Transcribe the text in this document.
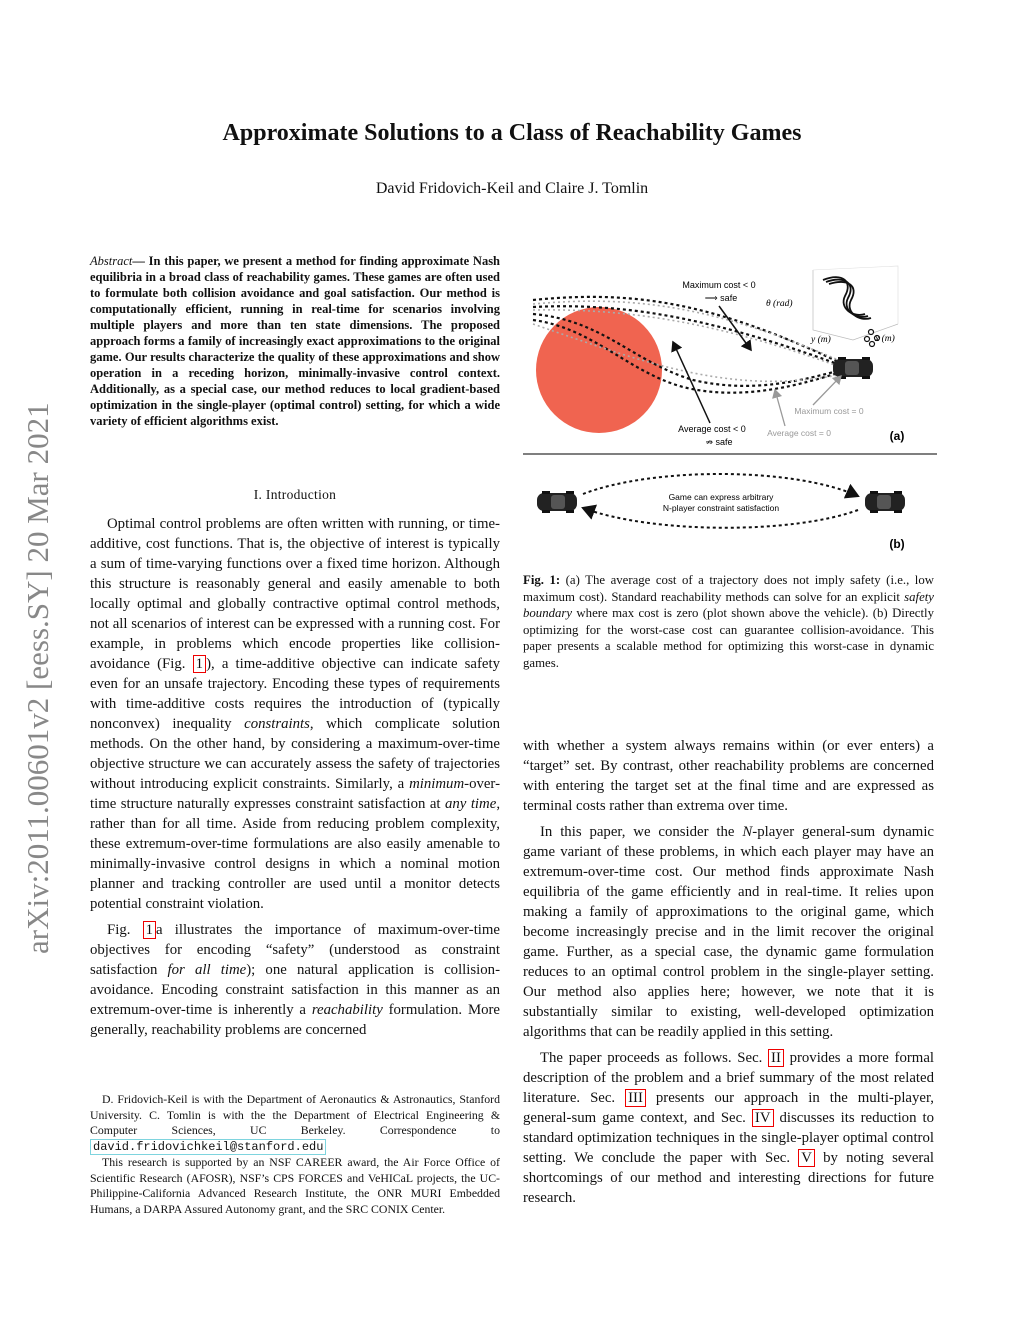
arXiv:2011.00601v2 [eess.SY] 20 Mar 2021
Approximate Solutions to a Class of Reachability Games
David Fridovich-Keil and Claire J. Tomlin
Abstract— In this paper, we present a method for finding approximate Nash equilibria in a broad class of reachability games. These games are often used to formulate both collision avoidance and goal satisfaction. Our method is computationally efficient, running in real-time for scenarios involving multiple players and more than ten state dimensions. The proposed approach forms a family of increasingly exact approximations to the original game. Our results characterize the quality of these approximations and show operation in a receding horizon, minimally-invasive control context. Additionally, as a special case, our method reduces to local gradient-based optimization in the single-player (optimal control) setting, for which a wide variety of efficient algorithms exist.
I. Introduction

Optimal control problems are often written with running, or time-additive, cost functions. That is, the objective of interest is typically a sum of time-varying functions over a fixed time horizon. Although this structure is reasonably general and easily amenable to both locally optimal and globally contractive optimal control methods, not all scenarios of interest can be expressed with a running cost. For example, in problems which encode properties like collision-avoidance (Fig. 1 ), a time-additive objective can indicate safety even for an unsafe trajectory. Encoding these types of requirements with time-additive costs requires the introduction of (typically nonconvex) inequality constraints, which complicate solution methods. On the other hand, by considering a maximum-over-time objective structure we can accurately assess the safety of trajectories without introducing explicit constraints. Similarly, a minimum-over-time structure naturally expresses constraint satisfaction at any time, rather than for all time. Aside from reducing problem complexity, these extremum-over-time formulations are also easily amenable to minimally-invasive control designs in which a nominal motion planner and tracking controller are used until a monitor detects potential constraint violation.

Fig. 1 a illustrates the importance of maximum-over-time objectives for encoding “safety” (understood as constraint satisfaction for all time); one natural application is collision-avoidance. Encoding constraint satisfaction in this manner as an extremum-over-time is inherently a reachability formulation. More generally, reachability problems are concerned

D. Fridovich-Keil is with the Department of Aeronautics & Astronautics, Stanford University. C. Tomlin is with the the Department of Electrical Engineering & Computer Sciences, UC Berkeley. Correspondence to david.fridovichkeil@stanford.edu

This research is supported by an NSF CAREER award, the Air Force Office of Scientific Research (AFOSR), NSF’s CPS FORCES and VeHICaL projects, the UC-Philippine-California Advanced Research Institute, the ONR MURI Embedded Humans, a DARPA Assured Autonomy grant, and the SRC CONIX Center.

θ (rad)
y (m)	x (m)
Maximum cost < 0
⟹ safe
Maximum cost = 0
Average cost < 0
⇏ safe
Average cost = 0	(a)
Game can express arbitrary
N-player constraint satisfaction
(b)
Fig. 1: (a) The average cost of a trajectory does not imply safety (i.e., low maximum cost). Standard reachability methods can solve for an explicit safety boundary where max cost is zero (plot shown above the vehicle). (b) Directly optimizing for the worst-case cost can guarantee collision-avoidance. This paper presents a scalable method for optimizing this worst-case in dynamic games.

with whether a system always remains within (or ever enters) a “target” set. By contrast, other reachability problems are concerned with entering the target set at the final time and are expressed as terminal costs rather than extrema over time.

In this paper, we consider the N-player general-sum dynamic game variant of these problems, in which each player may have an extremum-over-time cost. Our method finds approximate Nash equilibria of the game efficiently and in real-time. It relies upon making a family of approximations to the original game, which become increasingly precise and in the limit recover the original game. Further, as a special case, the dynamic game formulation reduces to an optimal control problem in the single-player setting. Our method also applies here; however, we note that it is substantially similar to existing, well-developed optimization algorithms that can be readily applied in this setting.

The paper proceeds as follows. Sec. II provides a more formal description of the problem and a brief summary of the most related literature. Sec. III presents our approach in the multi-player, general-sum game context, and Sec. IV discusses its reduction to standard optimization techniques in the single-player optimal control setting. We conclude the paper with Sec. V by noting several shortcomings of our method and interesting directions for future research.
